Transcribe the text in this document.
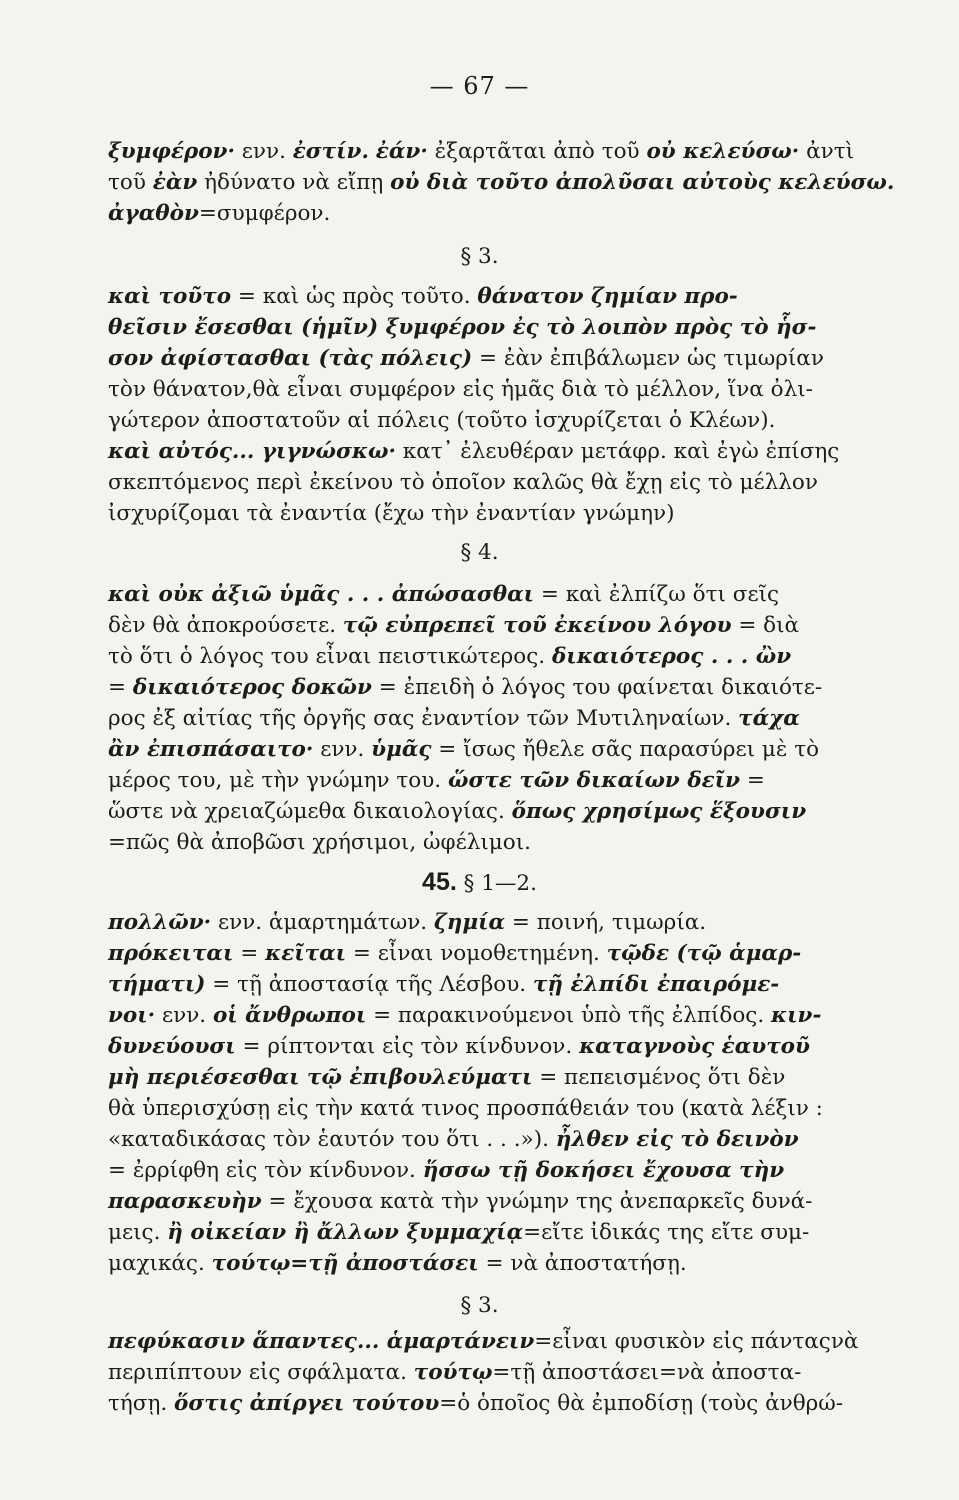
— 67 —
ξυμφέρον· ενν. ἐστίν. ἐάν· ἐξαρτᾶται ἀπὸ τοῦ οὐ κελεύσω· ἀντὶ
τοῦ ἐὰν ἠδύνατο νὰ εἴπῃ οὐ διὰ τοῦτο ἀπολῦσαι αὐτοὺς κελεύσω.
ἀγαθὸν=συμφέρον.
§ 3.
καὶ τοῦτο = καὶ ὡς πρὸς τοῦτο. θάνατον ζημίαν προ-
θεῖσιν ἔσεσθαι (ἡμῖν) ξυμφέρον ἐς τὸ λοιπὸν πρὸς τὸ ἧσ-
σον ἀφίστασθαι (τὰς πόλεις) = ἐὰν ἐπιβάλωμεν ὡς τιμωρίαν
τὸν θάνατον,θὰ εἶναι συμφέρον εἰς ἡμᾶς διὰ τὸ μέλλον, ἵνα ὀλι-
γώτερον ἀποστατοῦν αἱ πόλεις (τοῦτο ἰσχυρίζεται ὁ Κλέων).
καὶ αὐτός... γιγνώσκω· κατ᾽ ἐλευθέραν μετάφρ. καὶ ἐγὼ ἐπίσης
σκεπτόμενος περὶ ἐκείνου τὸ ὁποῖον καλῶς θὰ ἔχῃ εἰς τὸ μέλλον
ἰσχυρίζομαι τὰ ἐναντία (ἔχω τὴν ἐναντίαν γνώμην)
§ 4.
καὶ οὐκ ἀξιῶ ὑμᾶς . . . ἀπώσασθαι = καὶ ἐλπίζω ὅτι σεῖς
δὲν θὰ ἀποκρούσετε. τῷ εὐπρεπεῖ τοῦ ἐκείνου λόγου = διὰ
τὸ ὅτι ὁ λόγος του εἶναι πειστικώτερος. δικαιότερος . . . ὢν
= δικαιότερος δοκῶν = ἐπειδὴ ὁ λόγος του φαίνεται δικαιότε-
ρος ἐξ αἰτίας τῆς ὀργῆς σας ἐναντίον τῶν Μυτιληναίων. τάχα
ἂν ἐπισπάσαιτο· ενν. ὑμᾶς = ἴσως ἤθελε σᾶς παρασύρει μὲ τὸ
μέρος του, μὲ τὴν γνώμην του. ὥστε τῶν δικαίων δεῖν =
ὥστε νὰ χρειαζώμεθα δικαιολογίας. ὅπως χρησίμως ἕξουσιν
=πῶς θὰ ἀποβῶσι χρήσιμοι, ὠφέλιμοι.
45. § 1—2.
πολλῶν· ενν. ἁμαρτημάτων. ζημία = ποινή, τιμωρία.
πρόκειται = κεῖται = εἶναι νομοθετημένη. τῷδε (τῷ ἁμαρ-
τήματι) = τῇ ἀποστασίᾳ τῆς Λέσβου. τῇ ἐλπίδι ἐπαιρόμε-
νοι· ενν. οἱ ἄνθρωποι = παρακινούμενοι ὑπὸ τῆς ἐλπίδος. κιν-
δυνεύουσι = ρίπτονται εἰς τὸν κίνδυνον. καταγνοὺς ἑαυτοῦ
μὴ περιέσεσθαι τῷ ἐπιβουλεύματι = πεπεισμένος ὅτι δὲν
θὰ ὑπερισχύσῃ εἰς τὴν κατά τινος προσπάθειάν του (κατὰ λέξιν :
«καταδικάσας τὸν ἑαυτόν του ὅτι . . .»). ἦλθεν εἰς τὸ δεινὸν
= ἐρρίφθη εἰς τὸν κίνδυνον. ἥσσω τῇ δοκήσει ἔχουσα τὴν
παρασκευὴν = ἔχουσα κατὰ τὴν γνώμην της ἀνεπαρκεῖς δυνά-
μεις. ἢ οἰκείαν ἢ ἄλλων ξυμμαχίᾳ=εἴτε ἰδικάς της εἴτε συμ-
μαχικάς. τούτῳ=τῇ ἀποστάσει = νὰ ἀποστατήσῃ.
§ 3.
πεφύκασιν ἅπαντες... ἁμαρτάνειν=εἶναι φυσικὸν εἰς πάνταςνὰ
περιπίπτουν εἰς σφάλματα. τούτῳ=τῇ ἀποστάσει=νὰ ἀποστα-
τήσῃ. ὅστις ἀπίργει τούτου=ὁ ὁποῖος θὰ ἐμποδίσῃ (τοὺς ἀνθρώ-
